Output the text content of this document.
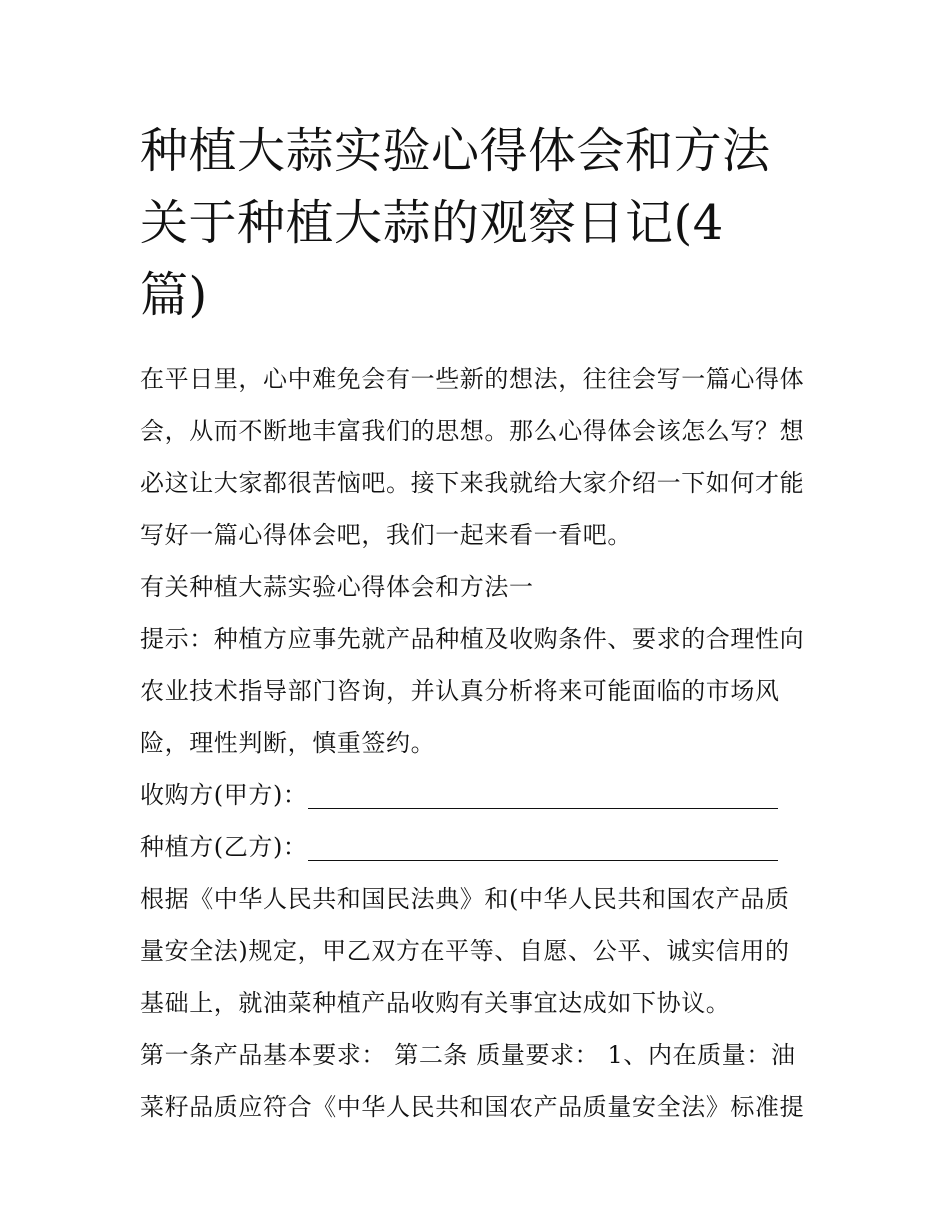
种植大蒜实验心得体会和方法
关于种植大蒜的观察日记(4
篇)

在平日里，心中难免会有一些新的想法，往往会写一篇心得体
会，从而不断地丰富我们的思想。那么心得体会该怎么写？想
必这让大家都很苦恼吧。接下来我就给大家介绍一下如何才能
写好一篇心得体会吧，我们一起来看一看吧。

有关种植大蒜实验心得体会和方法一

提示：种植方应事先就产品种植及收购条件、要求的合理性向
农业技术指导部门咨询，并认真分析将来可能面临的市场风
险，理性判断，慎重签约。

收购方(甲方)：

种植方(乙方)：

根据《中华人民共和国民法典》和(中华人民共和国农产品质
量安全法)规定，甲乙双方在平等、自愿、公平、诚实信用的
基础上，就油菜种植产品收购有关事宜达成如下协议。

第一条产品基本要求： 第二条 质量要求： 1、内在质量：油
菜籽品质应符合《中华人民共和国农产品质量安全法》标准提
